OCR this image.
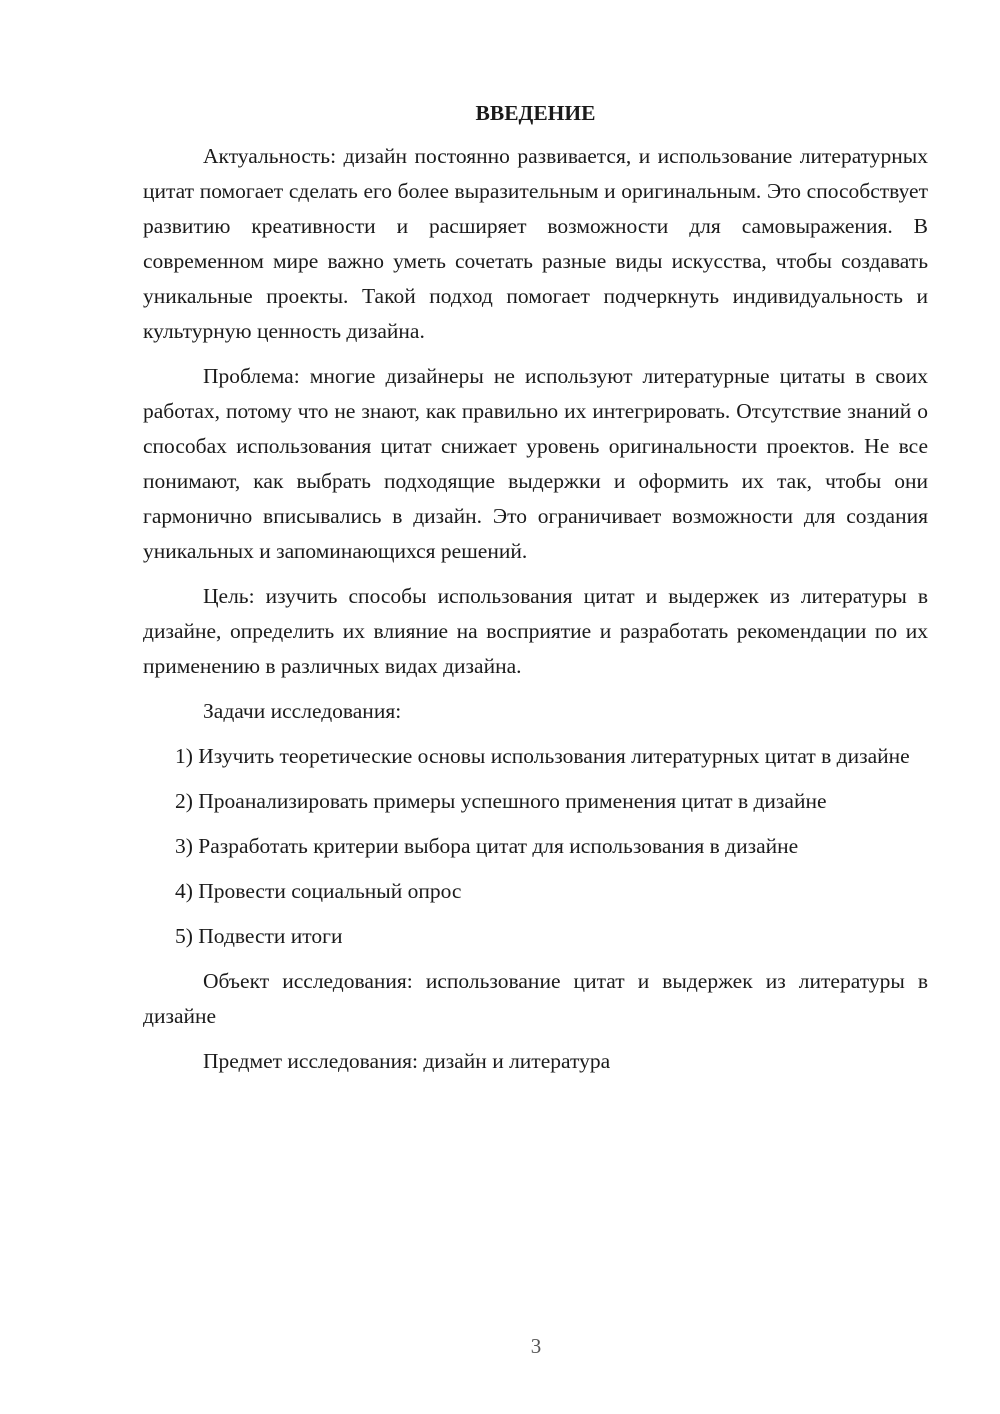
ВВЕДЕНИЕ

Актуальность: дизайн постоянно развивается, и использование литературных цитат помогает сделать его более выразительным и оригинальным. Это способствует развитию креативности и расширяет возможности для самовыражения. В современном мире важно уметь сочетать разные виды искусства, чтобы создавать уникальные проекты. Такой подход помогает подчеркнуть индивидуальность и культурную ценность дизайна.

Проблема: многие дизайнеры не используют литературные цитаты в своих работах, потому что не знают, как правильно их интегрировать. Отсутствие знаний о способах использования цитат снижает уровень оригинальности проектов. Не все понимают, как выбрать подходящие выдержки и оформить их так, чтобы они гармонично вписывались в дизайн. Это ограничивает возможности для создания уникальных и запоминающихся решений.

Цель: изучить способы использования цитат и выдержек из литературы в дизайне, определить их влияние на восприятие и разработать рекомендации по их применению в различных видах дизайна.

Задачи исследования:

1) Изучить теоретические основы использования литературных цитат в дизайне

2) Проанализировать примеры успешного применения цитат в дизайне

3) Разработать критерии выбора цитат для использования в дизайне

4) Провести социальный опрос

5) Подвести итоги

Объект исследования: использование цитат и выдержек из литературы в дизайне

Предмет исследования: дизайн и литература

3
